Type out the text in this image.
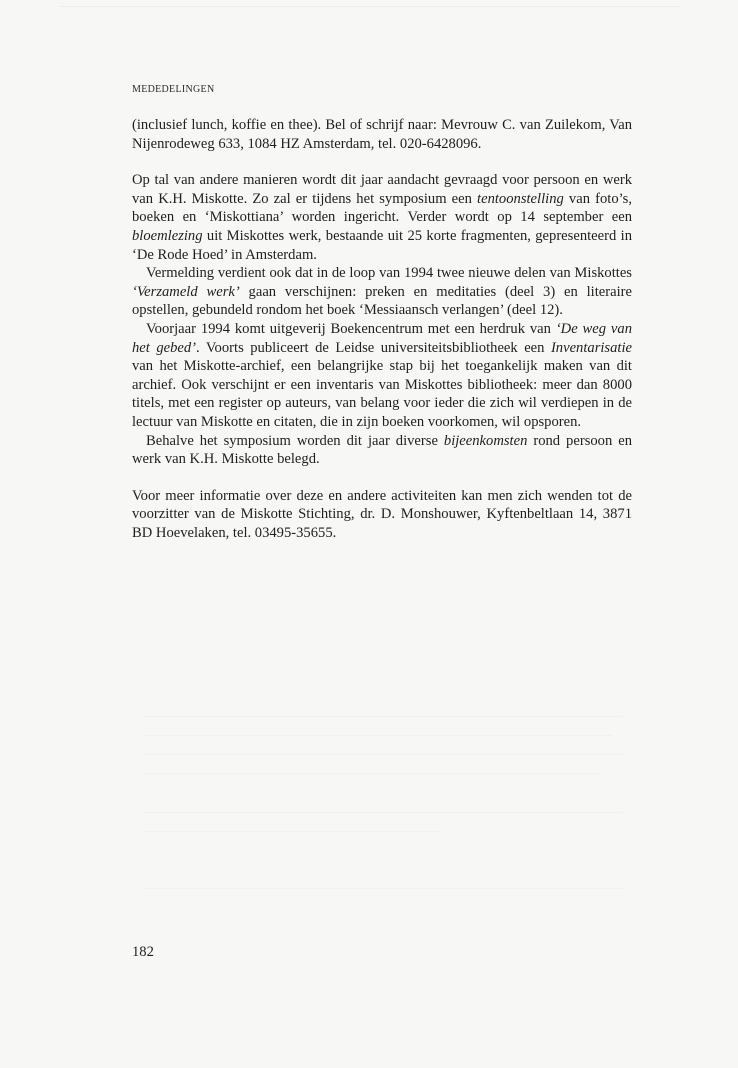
MEDEDELINGEN

(inclusief lunch, koffie en thee). Bel of schrijf naar: Mevrouw C. van Zuilekom, Van Nijenrodeweg 633, 1084 HZ Amsterdam, tel. 020-6428096.

Op tal van andere manieren wordt dit jaar aandacht gevraagd voor persoon en werk van K.H. Miskotte. Zo zal er tijdens het symposium een tentoonstelling van foto’s, boeken en ‘Miskottiana’ worden ingericht. Verder wordt op 14 september een bloemlezing uit Miskottes werk, bestaande uit 25 korte fragmenten, gepresenteerd in ‘De Rode Hoed’ in Amsterdam.

Vermelding verdient ook dat in de loop van 1994 twee nieuwe delen van Miskottes ‘Verzameld werk’ gaan verschijnen: preken en meditaties (deel 3) en literaire opstellen, gebundeld rondom het boek ‘Messiaansch verlangen’ (deel 12).

Voorjaar 1994 komt uitgeverij Boekencentrum met een herdruk van ‘De weg van het gebed’. Voorts publiceert de Leidse universiteitsbibliotheek een Inventarisatie van het Miskotte-archief, een belangrijke stap bij het toegankelijk maken van dit archief. Ook verschijnt er een inventaris van Miskottes bibliotheek: meer dan 8000 titels, met een register op auteurs, van belang voor ieder die zich wil verdiepen in de lectuur van Miskotte en citaten, die in zijn boeken voorkomen, wil opsporen.

Behalve het symposium worden dit jaar diverse bijeenkomsten rond persoon en werk van K.H. Miskotte belegd.

Voor meer informatie over deze en andere activiteiten kan men zich wenden tot de voorzitter van de Miskotte Stichting, dr. D. Monshouwer, Kyftenbeltlaan 14, 3871 BD Hoevelaken, tel. 03495-35655.

182
